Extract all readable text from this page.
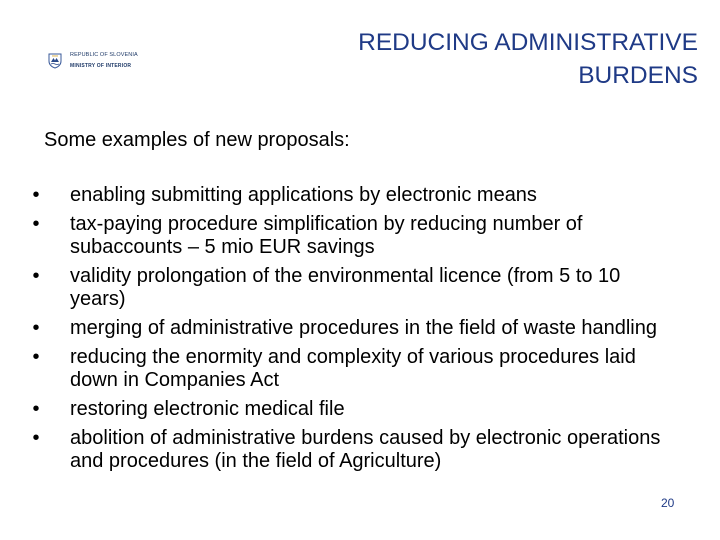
REPUBLIC OF SLOVENIA
MINISTRY OF INTERIOR
REDUCING ADMINISTRATIVE
BURDENS
Some examples of new proposals:
• enabling submitting applications by electronic means
• tax-paying procedure simplification by reducing number of subaccounts – 5 mio EUR savings
• validity prolongation of the environmental licence (from 5 to 10 years)
• merging of administrative procedures in the field of waste handling
• reducing the enormity and complexity of various procedures laid down in Companies Act
• restoring electronic medical file
• abolition of administrative burdens caused by electronic operations and procedures (in the field of Agriculture)
20
